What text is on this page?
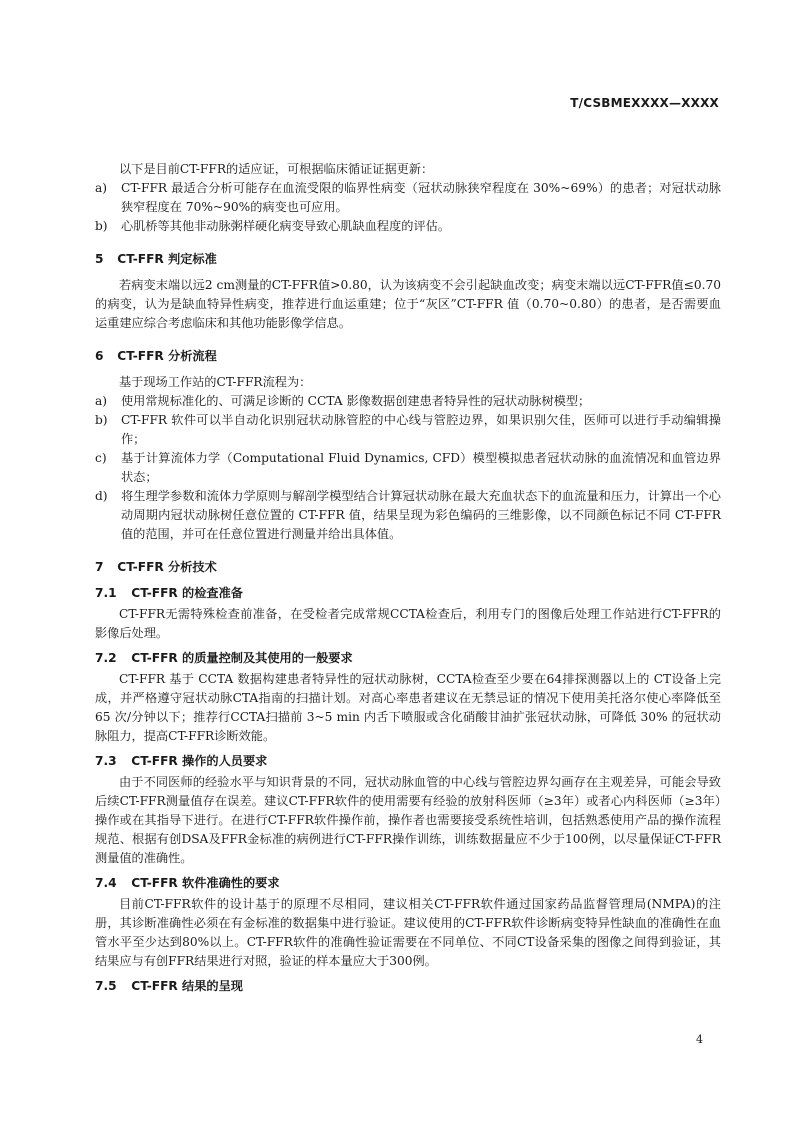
T/CSBMEXXXX—XXXX

以下是目前CT-FFR的适应证，可根据临床循证证据更新：

a) CT-FFR 最适合分析可能存在血流受限的临界性病变（冠状动脉狭窄程度在 30%~69%）的患者；对冠状动脉狭窄程度在 70%~90%的病变也可应用。
b) 心肌桥等其他非动脉粥样硬化病变导致心肌缺血程度的评估。
5 CT-FFR 判定标准

若病变末端以远2 cm测量的CT-FFR值>0.80，认为该病变不会引起缺血改变；病变末端以远CT-FFR值≤0.70的病变，认为是缺血特异性病变，推荐进行血运重建；位于“灰区”CT-FFR 值（0.70~0.80）的患者，是否需要血运重建应综合考虑临床和其他功能影像学信息。

6 CT-FFR 分析流程

基于现场工作站的CT-FFR流程为：

a) 使用常规标准化的、可满足诊断的 CCTA 影像数据创建患者特异性的冠状动脉树模型；
b) CT-FFR 软件可以半自动化识别冠状动脉管腔的中心线与管腔边界，如果识别欠佳，医师可以进行手动编辑操作；
c) 基于计算流体力学（Computational Fluid Dynamics, CFD）模型模拟患者冠状动脉的血流情况和血管边界状态；
d) 将生理学参数和流体力学原则与解剖学模型结合计算冠状动脉在最大充血状态下的血流量和压力，计算出一个心动周期内冠状动脉树任意位置的 CT-FFR 值，结果呈现为彩色编码的三维影像，以不同颜色标记不同 CT-FFR 值的范围，并可在任意位置进行测量并给出具体值。
7 CT-FFR 分析技术
7.1 CT-FFR 的检查准备

CT-FFR无需特殊检查前准备，在受检者完成常规CCTA检查后，利用专门的图像后处理工作站进行CT-FFR的影像后处理。

7.2 CT-FFR 的质量控制及其使用的一般要求

CT-FFR 基于 CCTA 数据构建患者特异性的冠状动脉树，CCTA检查至少要在64排探测器以上的 CT设备上完成，并严格遵守冠状动脉CTA指南的扫描计划。对高心率患者建议在无禁忌证的情况下使用美托洛尔使心率降低至 65 次/分钟以下；推荐行CCTA扫描前 3~5 min 内舌下喷服或含化硝酸甘油扩张冠状动脉，可降低 30% 的冠状动脉阻力，提高CT-FFR诊断效能。

7.3 CT-FFR 操作的人员要求

由于不同医师的经验水平与知识背景的不同，冠状动脉血管的中心线与管腔边界勾画存在主观差异，可能会导致后续CT-FFR测量值存在误差。建议CT-FFR软件的使用需要有经验的放射科医师（≥3年）或者心内科医师（≥3年）操作或在其指导下进行。在进行CT-FFR软件操作前，操作者也需要接受系统性培训，包括熟悉使用产品的操作流程规范、根据有创DSA及FFR金标准的病例进行CT-FFR操作训练，训练数据量应不少于100例，以尽量保证CT-FFR测量值的准确性。

7.4 CT-FFR 软件准确性的要求

目前CT-FFR软件的设计基于的原理不尽相同，建议相关CT-FFR软件通过国家药品监督管理局(NMPA)的注册，其诊断准确性必须在有金标准的数据集中进行验证。建议使用的CT-FFR软件诊断病变特异性缺血的准确性在血管水平至少达到80%以上。CT-FFR软件的准确性验证需要在不同单位、不同CT设备采集的图像之间得到验证，其结果应与有创FFR结果进行对照，验证的样本量应大于300例。

7.5 CT-FFR 结果的呈现
4
